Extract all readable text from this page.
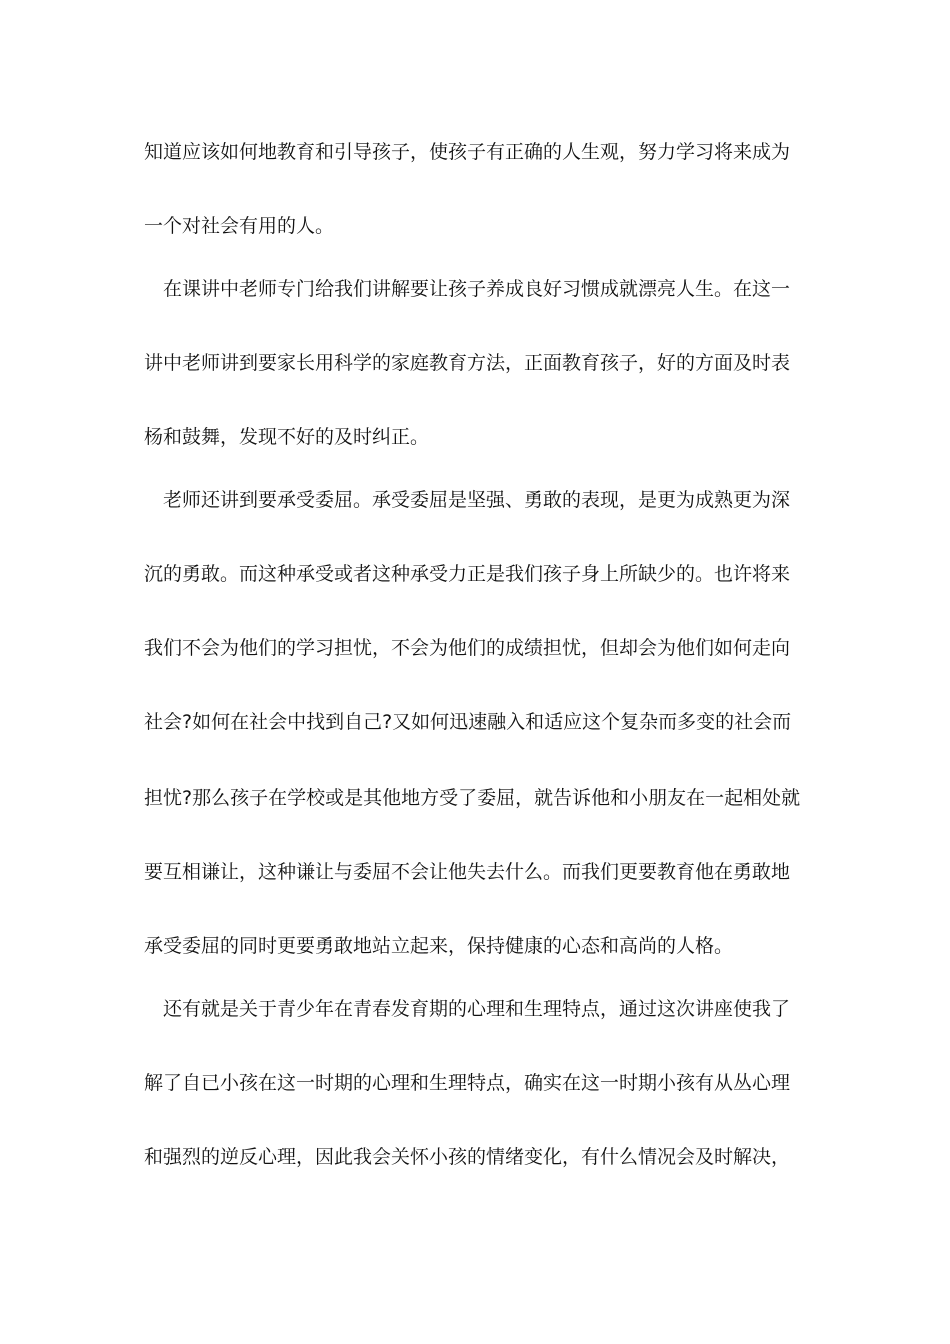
知道应该如何地教育和引导孩子，使孩子有正确的人生观，努力学习将来成为
一个对社会有用的人。
在课讲中老师专门给我们讲解要让孩子养成良好习惯成就漂亮人生。在这一
讲中老师讲到要家长用科学的家庭教育方法，正面教育孩子，好的方面及时表
杨和鼓舞，发现不好的及时纠正。
老师还讲到要承受委屈。承受委屈是坚强、勇敢的表现，是更为成熟更为深
沉的勇敢。而这种承受或者这种承受力正是我们孩子身上所缺少的。也许将来
我们不会为他们的学习担忧，不会为他们的成绩担忧，但却会为他们如何走向
社会?如何在社会中找到自己?又如何迅速融入和适应这个复杂而多变的社会而
担忧?那么孩子在学校或是其他地方受了委屈，就告诉他和小朋友在一起相处就
要互相谦让，这种谦让与委屈不会让他失去什么。而我们更要教育他在勇敢地
承受委屈的同时更要勇敢地站立起来，保持健康的心态和高尚的人格。
还有就是关于青少年在青春发育期的心理和生理特点，通过这次讲座使我了
解了自已小孩在这一时期的心理和生理特点，确实在这一时期小孩有从丛心理
和强烈的逆反心理，因此我会关怀小孩的情绪变化，有什么情况会及时解决，
